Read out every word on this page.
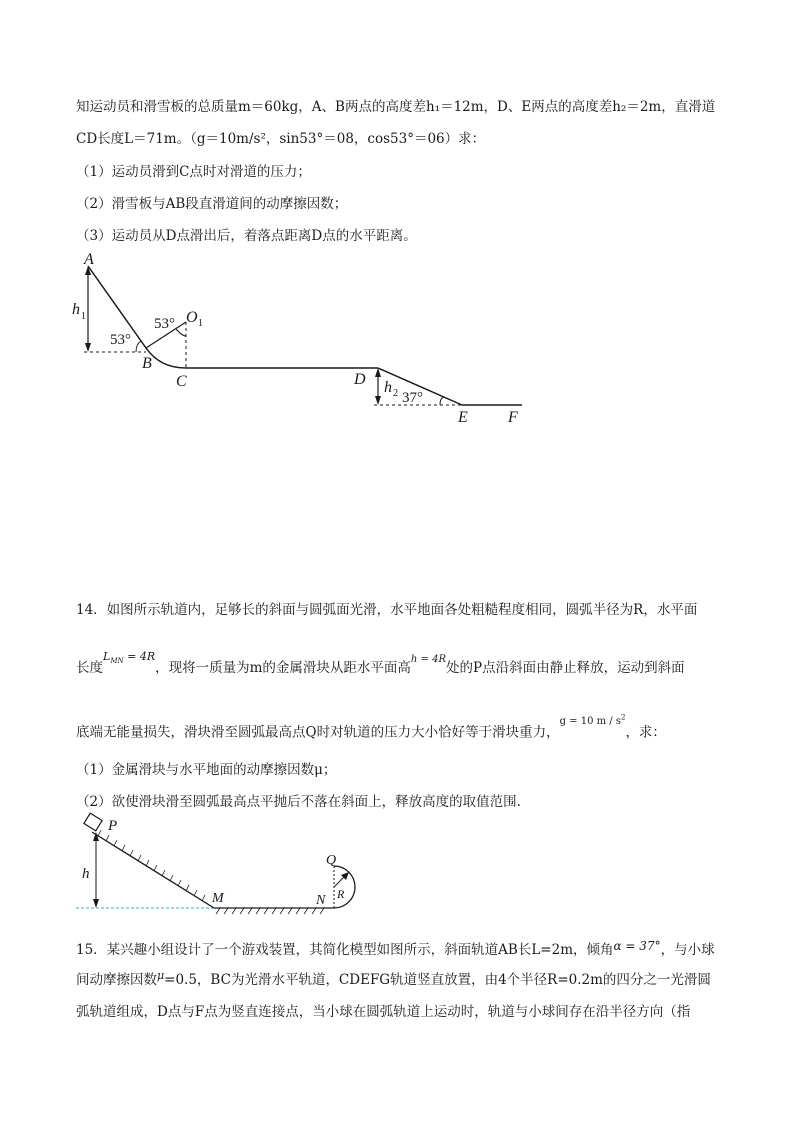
知运动员和滑雪板的总质量m＝60kg，A、B两点的高度差h₁＝12m，D、E两点的高度差h₂＝2m，直滑道
CD长度L＝71m。（g＝10m/s²，sin53°＝08，cos53°＝06）求：
（1）运动员滑到C点时对滑道的压力；
（2）滑雪板与AB段直滑道间的动摩擦因数；
（3）运动员从D点滑出后，着落点距离D点的水平距离。
A
h 1
53°
53° O 1
B
C	D h 2 37°
E	F
14．如图所示轨道内，足够长的斜面与圆弧面光滑，水平地面各处粗糙程度相同，圆弧半径为R，水平面
长度$^{L_{MN} = 4R}$，现将一质量为m的金属滑块从距水平面高$^{h = 4R}$处的P点沿斜面由静止释放，运动到斜面
底端无能量损失，滑块滑至圆弧最高点Q时对轨道的压力大小恰好等于滑块重力，$^{g = 10 m / s^2}$，求：
（1）金属滑块与水平地面的动摩擦因数μ；
（2）欲使滑块滑至圆弧最高点平抛后不落在斜面上，释放高度的取值范围.
P
h
M	N
Q
R
15．某兴趣小组设计了一个游戏装置，其简化模型如图所示，斜面轨道AB长L=2m，倾角α = 37°，与小球
间动摩擦因数$^\mu$=0.5，BC为光滑水平轨道，CDEFG轨道竖直放置，由4个半径R=0.2m的四分之一光滑圆
弧轨道组成，D点与F点为竖直连接点，当小球在圆弧轨道上运动时，轨道与小球间存在沿半径方向（指
